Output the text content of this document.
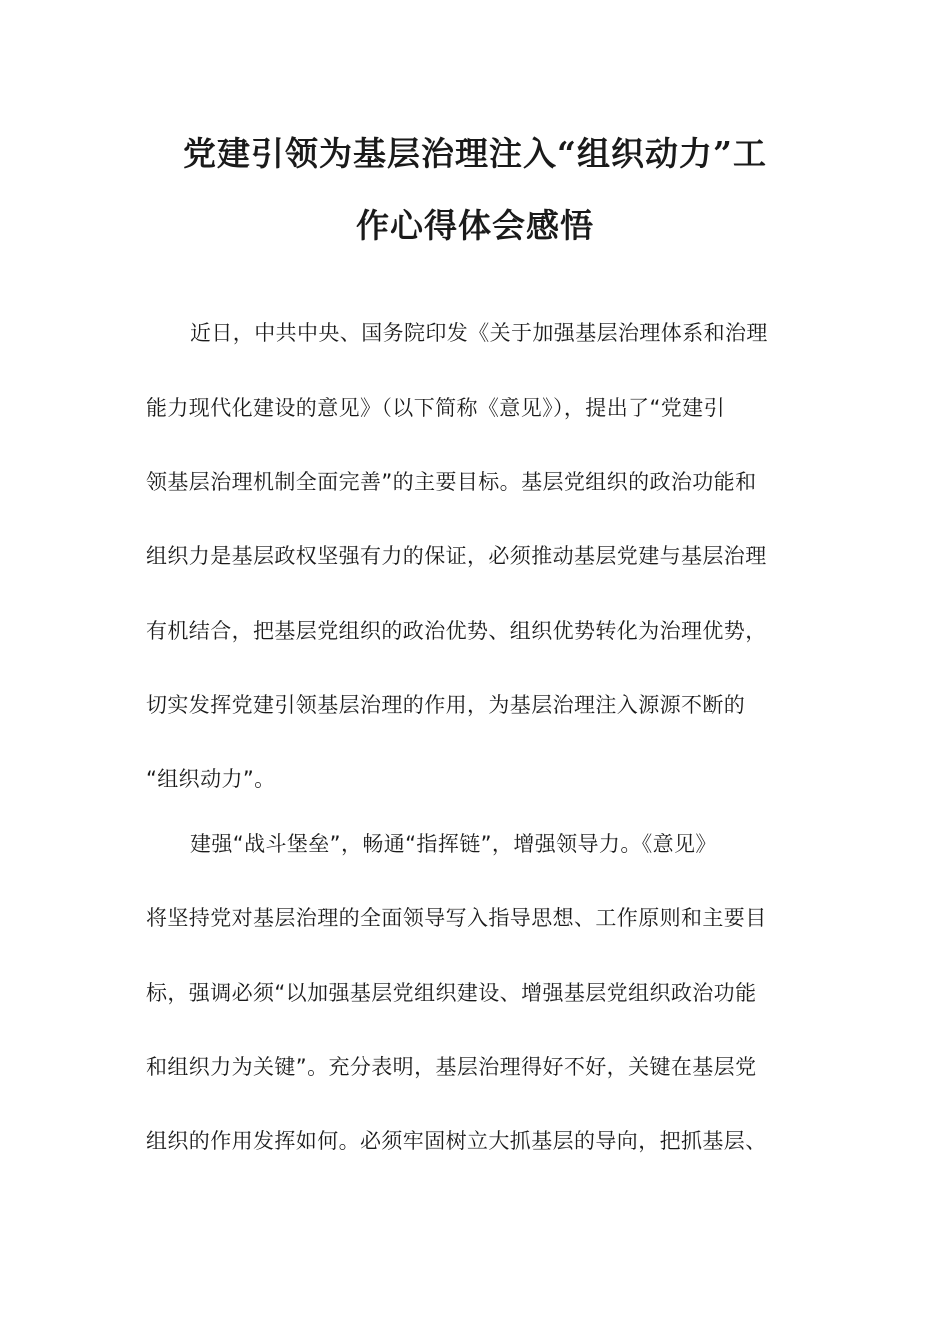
党建引领为基层治理注入“组织动力”工
作心得体会感悟
近日，中共中央、国务院印发《关于加强基层治理体系和治理
能力现代化建设的意见》（以下简称《意见》），提出了“党建引
领基层治理机制全面完善”的主要目标。基层党组织的政治功能和
组织力是基层政权坚强有力的保证，必须推动基层党建与基层治理
有机结合，把基层党组织的政治优势、组织优势转化为治理优势，
切实发挥党建引领基层治理的作用，为基层治理注入源源不断的
“组织动力”。
建强“战斗堡垒”，畅通“指挥链”，增强领导力。《意见》
将坚持党对基层治理的全面领导写入指导思想、工作原则和主要目
标，强调必须“以加强基层党组织建设、增强基层党组织政治功能
和组织力为关键”。充分表明，基层治理得好不好，关键在基层党
组织的作用发挥如何。必须牢固树立大抓基层的导向，把抓基层、
